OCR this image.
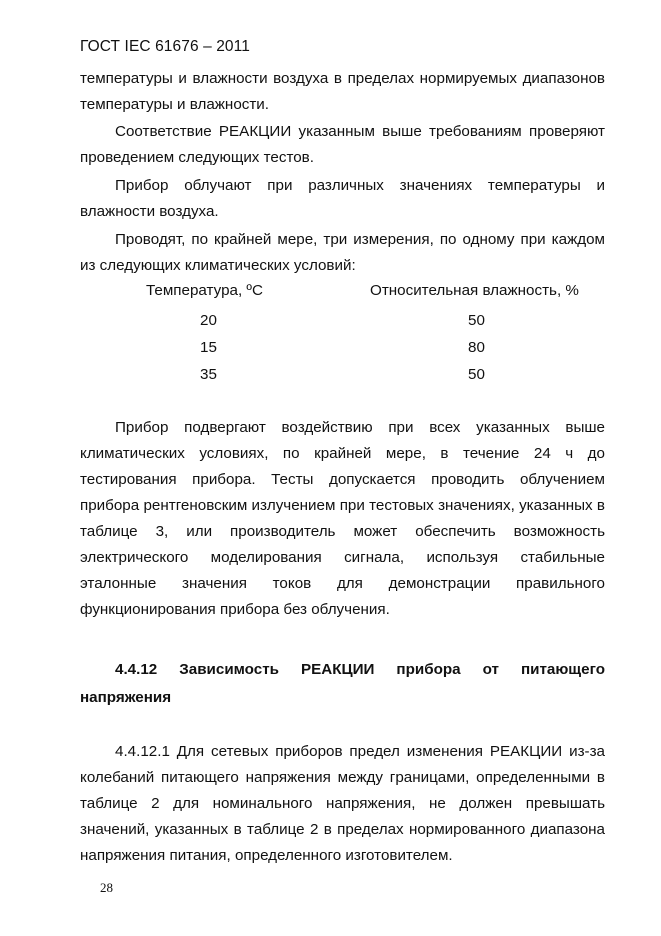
ГОСТ IEC 61676 – 2011
температуры и влажности воздуха в пределах нормируемых диапазонов температуры и влажности.
Соответствие РЕАКЦИИ указанным выше требованиям проверяют проведением следующих тестов.
Прибор облучают при различных значениях температуры и влажности воздуха.
Проводят, по крайней мере, три измерения, по одному при каждом из следующих климатических условий:
Температура, ºС	Относительная влажность, %
20	50
15	80
35	50
Прибор подвергают воздействию при всех указанных выше климатических условиях, по крайней мере, в течение 24 ч до тестирования прибора. Тесты допускается проводить облучением прибора рентгеновским излучением при тестовых значениях, указанных в таблице 3, или производитель может обеспечить возможность электрического моделирования сигнала, используя стабильные эталонные значения токов для демонстрации правильного функционирования прибора без облучения.
4.4.12 Зависимость РЕАКЦИИ прибора от питающего
напряжения
4.4.12.1 Для сетевых приборов предел изменения РЕАКЦИИ из-за колебаний питающего напряжения между границами, определенными в таблице 2 для номинального напряжения, не должен превышать значений, указанных в таблице 2 в пределах нормированного диапазона напряжения питания, определенного изготовителем.
28
